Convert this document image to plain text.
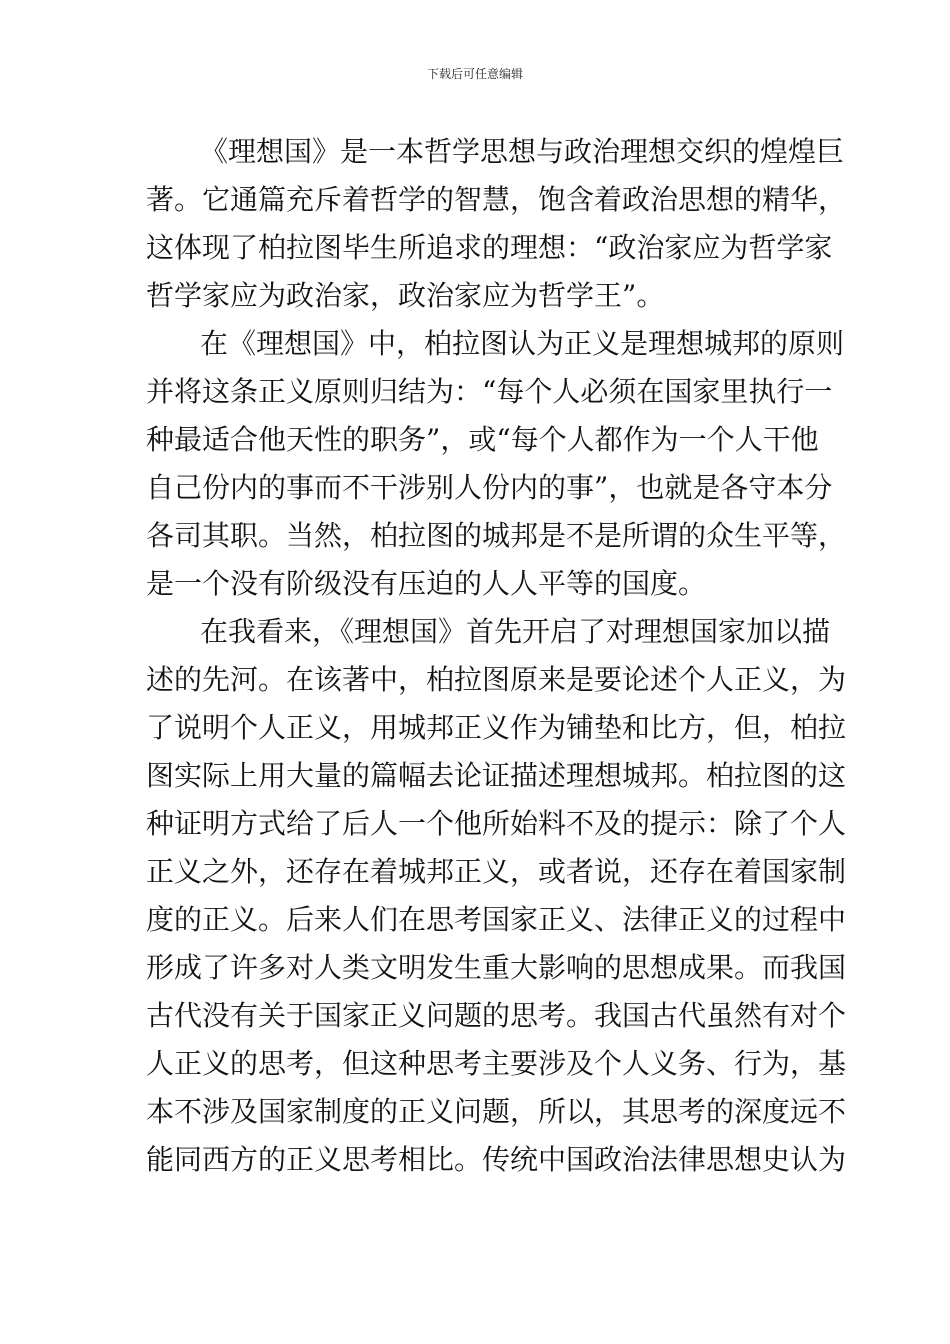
下载后可任意编辑
《理想国》是一本哲学思想与政治理想交织的煌煌巨
著。它通篇充斥着哲学的智慧，饱含着政治思想的精华，
这体现了柏拉图毕生所追求的理想：“政治家应为哲学家
哲学家应为政治家，政治家应为哲学王”。
在《理想国》中，柏拉图认为正义是理想城邦的原则
并将这条正义原则归结为：“每个人必须在国家里执行一
种最适合他天性的职务”，或“每个人都作为一个人干他
自己份内的事而不干涉别人份内的事”，也就是各守本分
各司其职。当然，柏拉图的城邦是不是所谓的众生平等，
是一个没有阶级没有压迫的人人平等的国度。
在我看来，《理想国》首先开启了对理想国家加以描
述的先河。在该著中，柏拉图原来是要论述个人正义，为
了说明个人正义，用城邦正义作为铺垫和比方，但，柏拉
图实际上用大量的篇幅去论证描述理想城邦。柏拉图的这
种证明方式给了后人一个他所始料不及的提示：除了个人
正义之外，还存在着城邦正义，或者说，还存在着国家制
度的正义。后来人们在思考国家正义、法律正义的过程中
形成了许多对人类文明发生重大影响的思想成果。而我国
古代没有关于国家正义问题的思考。我国古代虽然有对个
人正义的思考，但这种思考主要涉及个人义务、行为，基
本不涉及国家制度的正义问题，所以，其思考的深度远不
能同西方的正义思考相比。传统中国政治法律思想史认为
